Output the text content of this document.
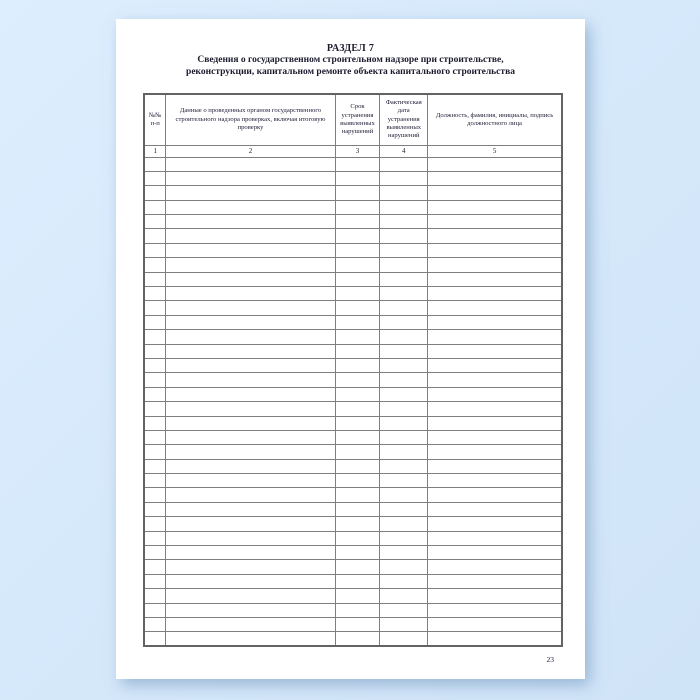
РАЗДЕЛ 7
Сведения о государственном строительном надзоре при строительстве,
реконструкции, капитальном ремонте объекта капитального строительства
№№ п-п	Данные о проведенных органом государственного строительного надзора проверках, включая итоговую проверку	Срок устранения выявленных нарушений	Фактическая дата устранения выявленных нарушений	Должность, фамилия, инициалы, подпись должностного лица
1	2	3	4	5

23
